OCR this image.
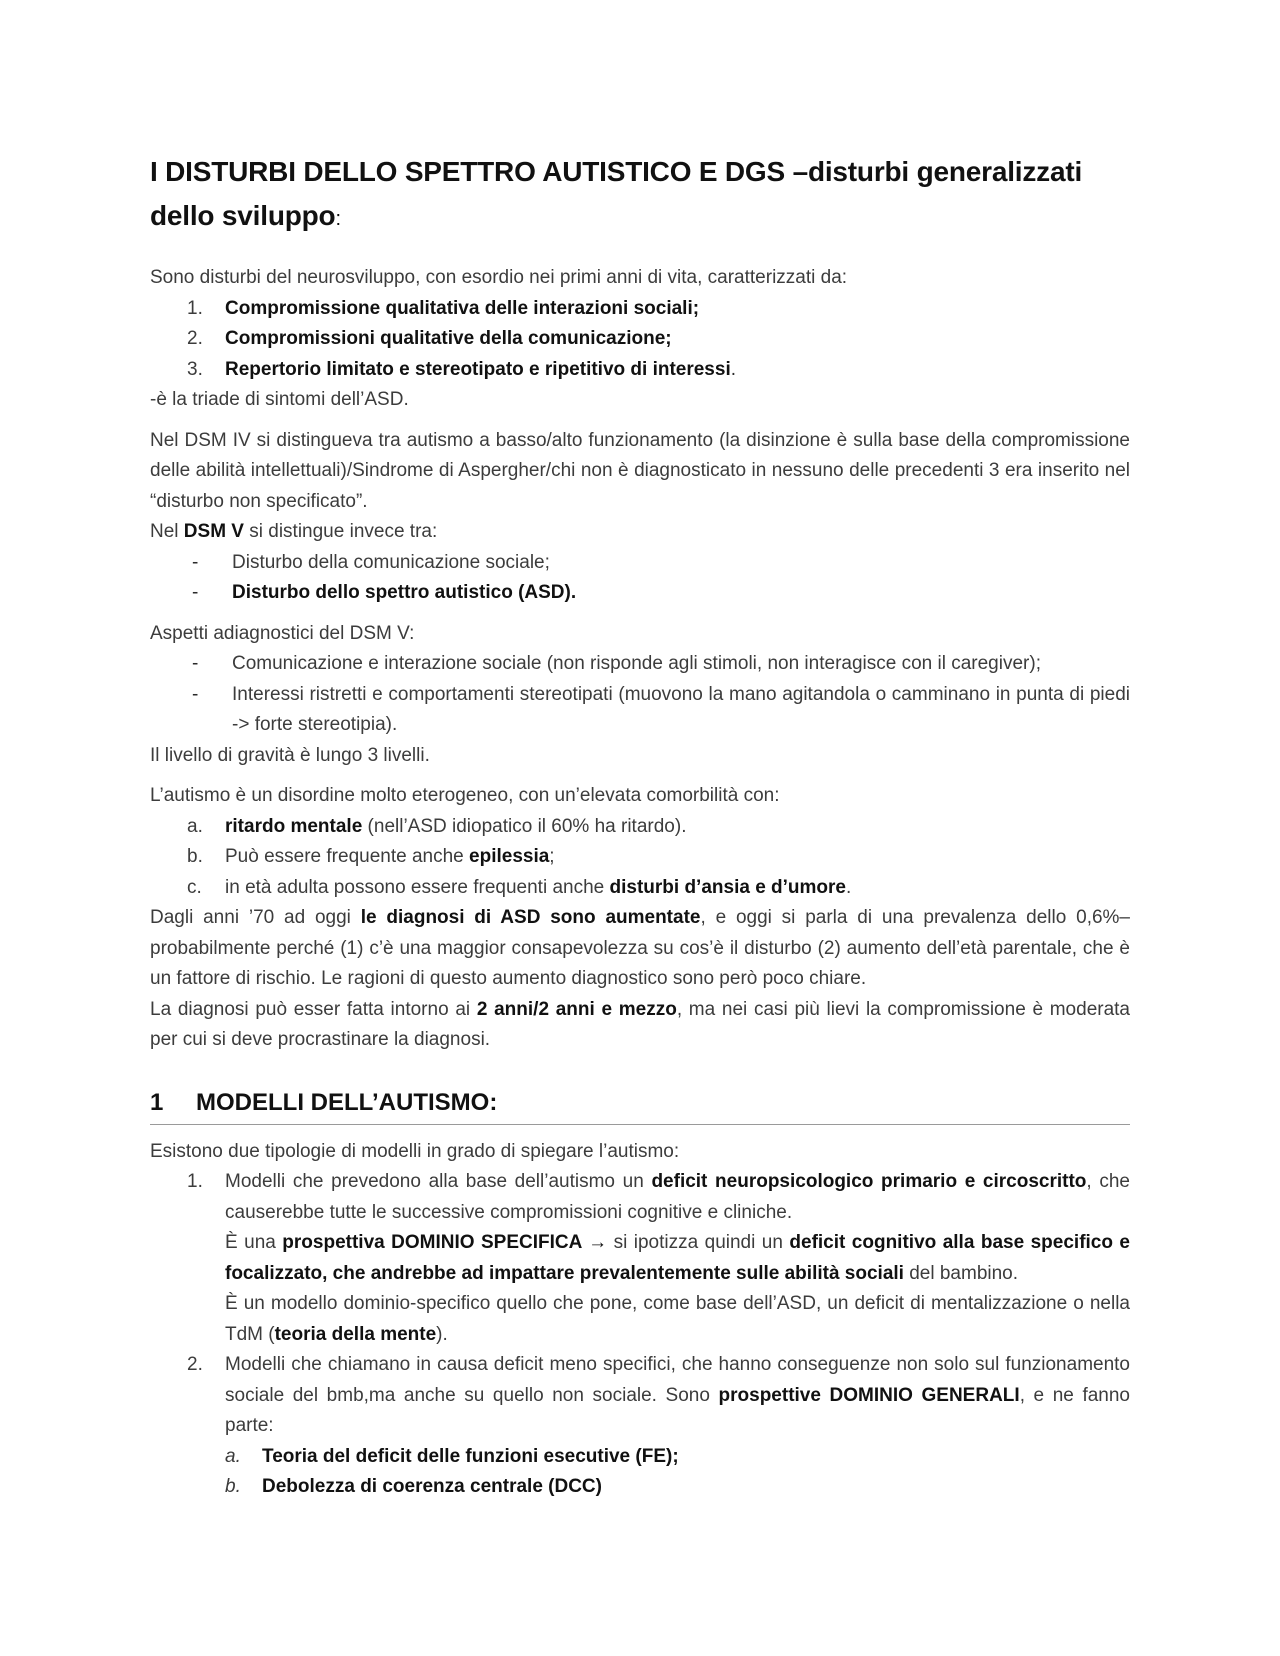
I DISTURBI DELLO SPETTRO AUTISTICO E DGS –disturbi generalizzati dello sviluppo:

Sono disturbi del neurosviluppo, con esordio nei primi anni di vita, caratterizzati da:

1.	Compromissione qualitativa delle interazioni sociali;
2.	Compromissioni qualitative della comunicazione;
3.	Repertorio limitato e stereotipato e ripetitivo di interessi.

-è la triade di sintomi dell’ASD.

Nel DSM IV si distingueva tra autismo a basso/alto funzionamento (la disinzione è sulla base della compromissione delle abilità intellettuali)/Sindrome di Aspergher/chi non è diagnosticato in nessuno delle precedenti 3 era inserito nel “disturbo non specificato”.

Nel DSM V si distingue invece tra:

-	Disturbo della comunicazione sociale;
-	Disturbo dello spettro autistico (ASD).

Aspetti adiagnostici del DSM V:

-	Comunicazione e interazione sociale (non risponde agli stimoli, non interagisce con il caregiver);
-	Interessi ristretti e comportamenti stereotipati (muovono la mano agitandola o camminano in punta di piedi -> forte stereotipia).

Il livello di gravità è lungo 3 livelli.

L’autismo è un disordine molto eterogeneo, con un’elevata comorbilità con:

a.	ritardo mentale (nell’ASD idiopatico il 60% ha ritardo).
b.	Può essere frequente anche epilessia;
c.	in età adulta possono essere frequenti anche disturbi d’ansia e d’umore.

Dagli anni ’70 ad oggi le diagnosi di ASD sono aumentate, e oggi si parla di una prevalenza dello 0,6%– probabilmente perché (1) c’è una maggior consapevolezza su cos’è il disturbo (2) aumento dell’età parentale, che è un fattore di rischio. Le ragioni di questo aumento diagnostico sono però poco chiare.

La diagnosi può esser fatta intorno ai 2 anni/2 anni e mezzo, ma nei casi più lievi la compromissione è moderata per cui si deve procrastinare la diagnosi.

1 MODELLI DELL’AUTISMO:

Esistono due tipologie di modelli in grado di spiegare l’autismo:

1.	Modelli che prevedono alla base dell’autismo un deficit neuropsicologico primario e circoscritto, che causerebbe tutte le successive compromissioni cognitive e cliniche.
È una prospettiva DOMINIO SPECIFICA → si ipotizza quindi un deficit cognitivo alla base specifico e focalizzato, che andrebbe ad impattare prevalentemente sulle abilità sociali del bambino.
È un modello dominio-specifico quello che pone, come base dell’ASD, un deficit di mentalizzazione o nella TdM (teoria della mente).
2.	Modelli che chiamano in causa deficit meno specifici, che hanno conseguenze non solo sul funzionamento sociale del bmb,ma anche su quello non sociale. Sono prospettive DOMINIO GENERALI, e ne fanno parte:
a.	Teoria del deficit delle funzioni esecutive (FE);
b.	Debolezza di coerenza centrale (DCC)
